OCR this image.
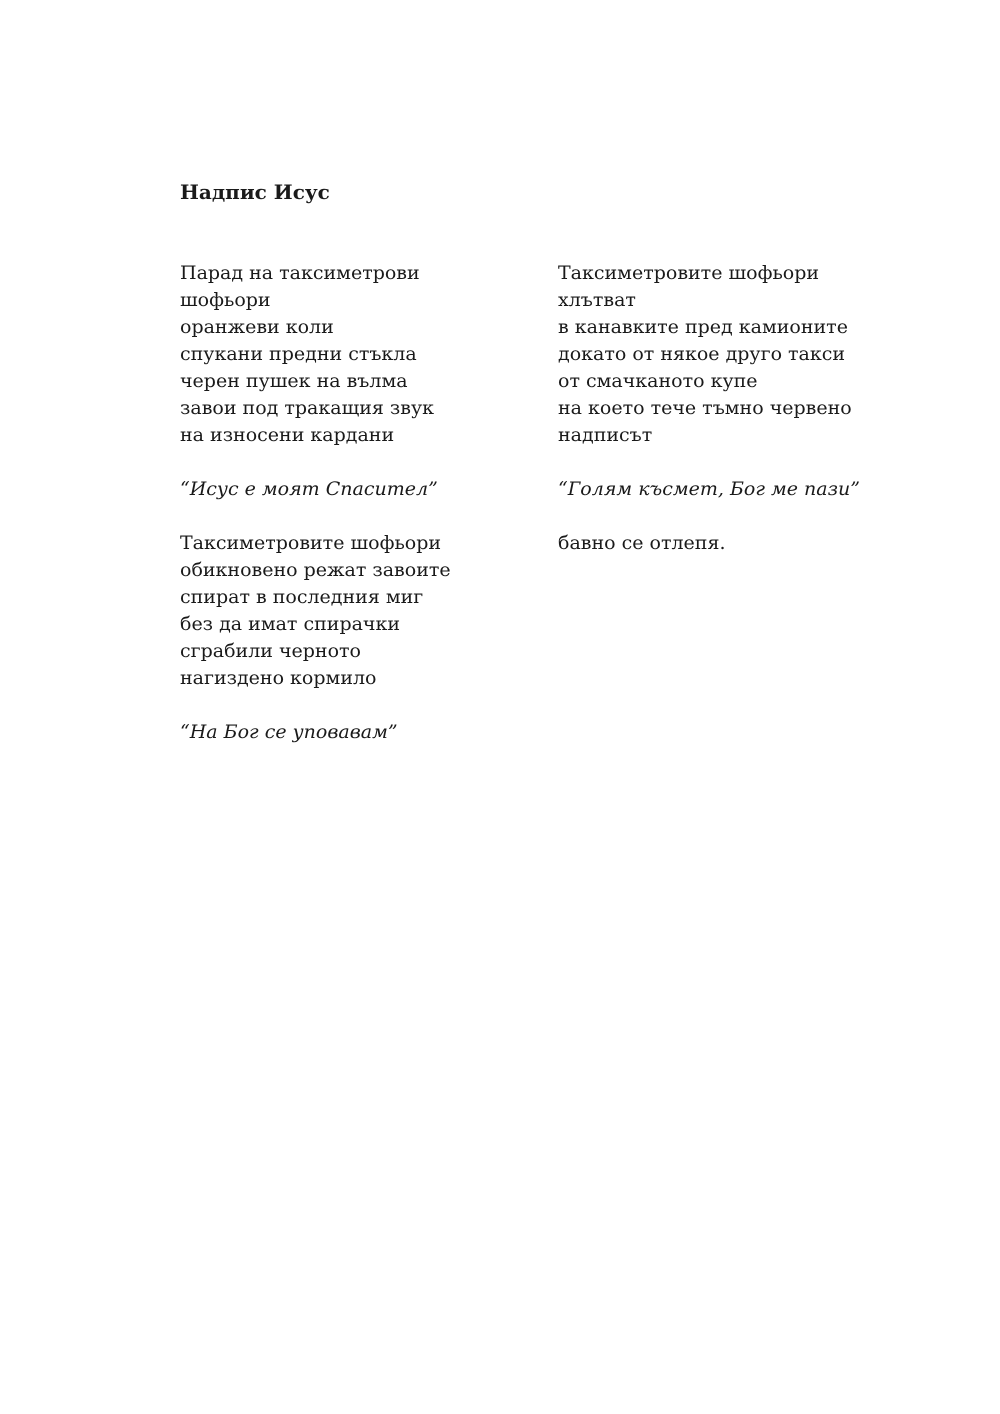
Надпис Исус
Парад на таксиметрови
шофьори
оранжеви коли
спукани предни стъкла
черен пушек на вълма
завои под тракащия звук
на износени кардани
“Исус е моят Спасител”
Таксиметровите шофьори
обикновено режат завоите
спират в последния миг
без да имат спирачки
сграбили черното
нагиздено кормило
“На Бог се уповавам”
Таксиметровите шофьори
хлътват
в канавките пред камионите
докато от някое друго такси
от смачканото купе
на което тече тъмно червено
надписът
“Голям късмет, Бог ме пази”
бавно се отлепя.
